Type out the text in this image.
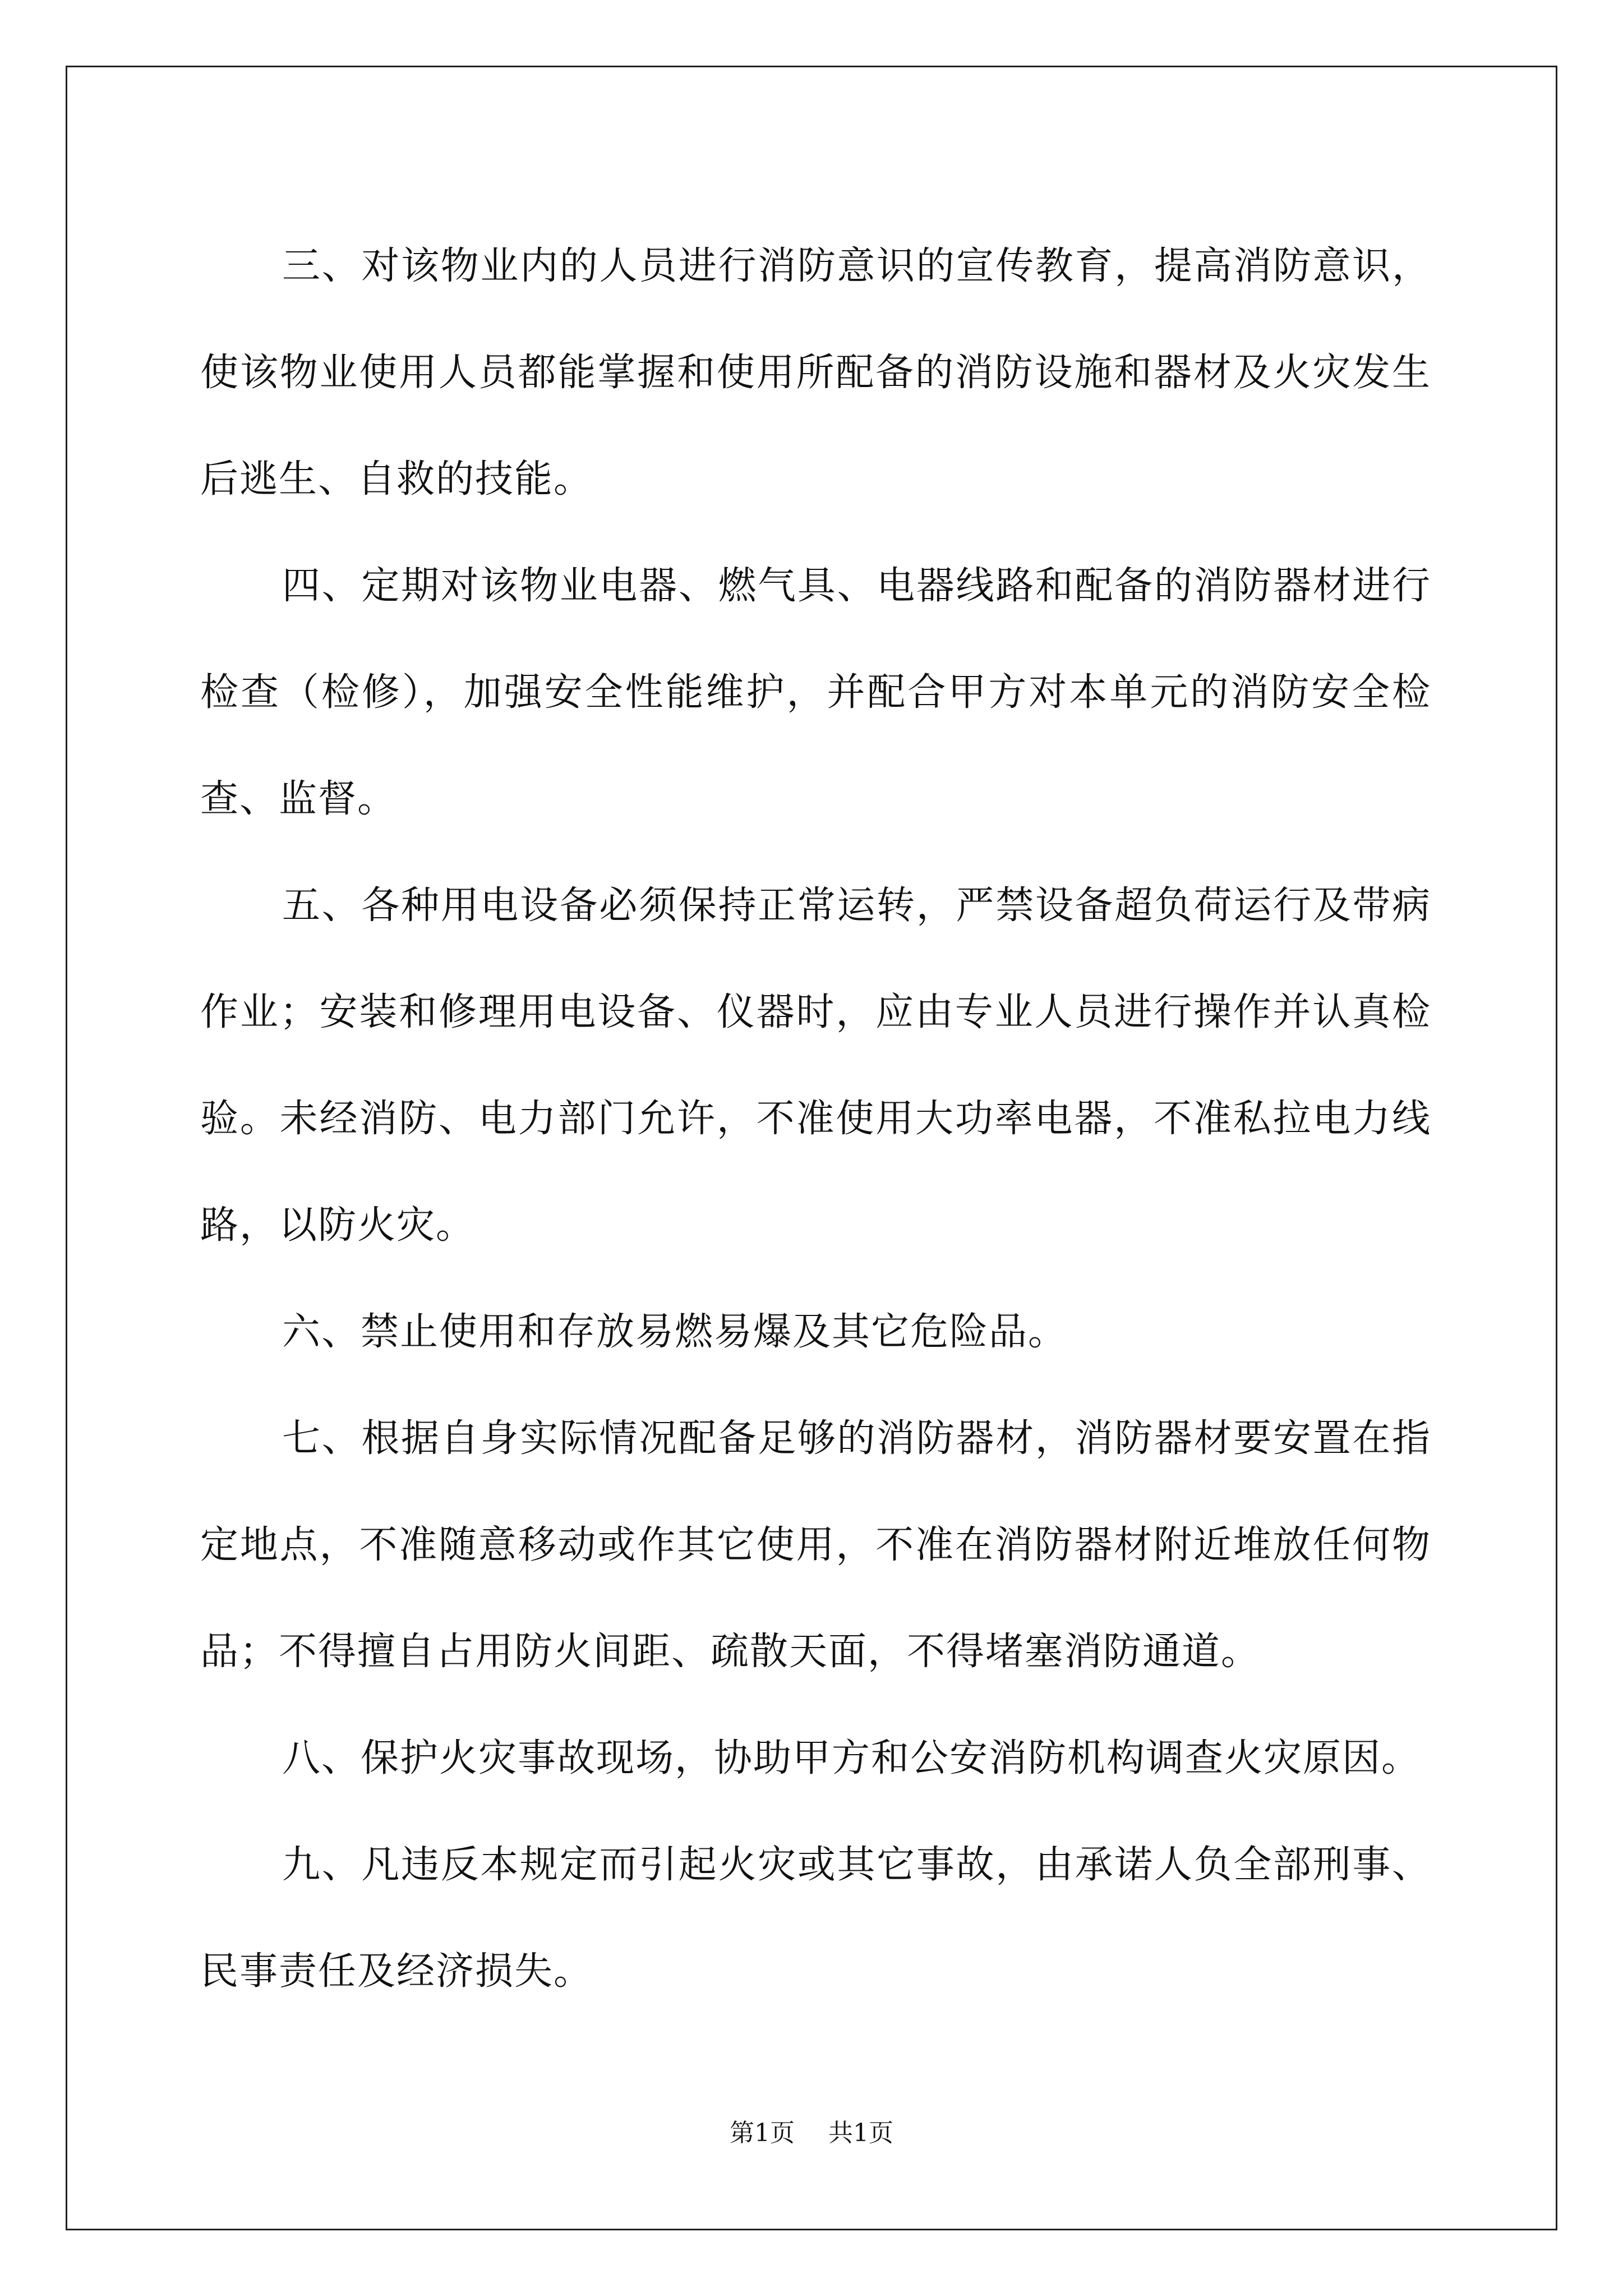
三、对该物业内的人员进行消防意识的宣传教育，提高消防意识，使该物业使用人员都能掌握和使用所配备的消防设施和器材及火灾发生后逃生、自救的技能。

四、定期对该物业电器、燃气具、电器线路和配备的消防器材进行检查（检修），加强安全性能维护，并配合甲方对本单元的消防安全检查、监督。

五、各种用电设备必须保持正常运转，严禁设备超负荷运行及带病作业；安装和修理用电设备、仪器时，应由专业人员进行操作并认真检验。未经消防、电力部门允许，不准使用大功率电器，不准私拉电力线路，以防火灾。

六、禁止使用和存放易燃易爆及其它危险品。

七、根据自身实际情况配备足够的消防器材，消防器材要安置在指定地点，不准随意移动或作其它使用，不准在消防器材附近堆放任何物品；不得擅自占用防火间距、疏散天面，不得堵塞消防通道。

八、保护火灾事故现场，协助甲方和公安消防机构调查火灾原因。

九、凡违反本规定而引起火灾或其它事故，由承诺人负全部刑事、民事责任及经济损失。

第1页 共1页
